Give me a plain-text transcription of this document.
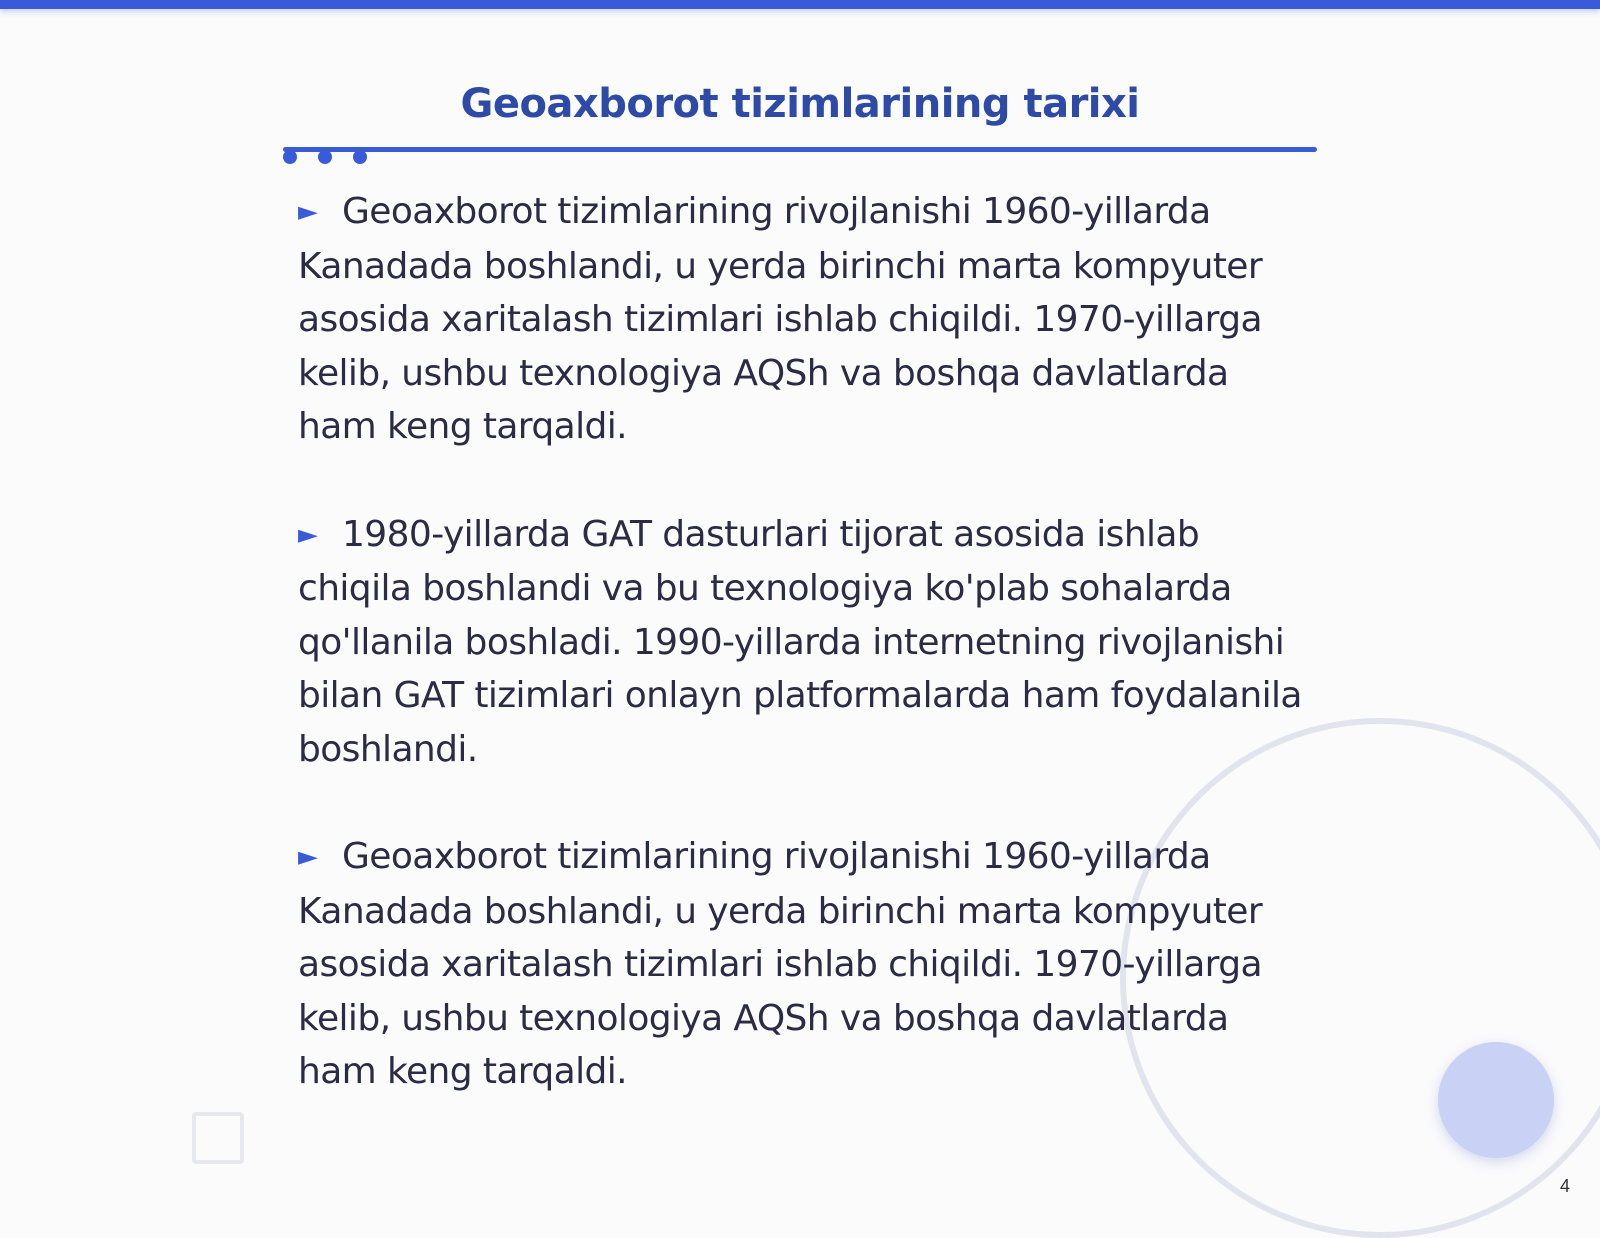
Geoaxborot tizimlarining tarixi

► Geoaxborot tizimlarining rivojlanishi 1960-yillarda Kanadada boshlandi, u yerda birinchi marta kompyuter asosida xaritalash tizimlari ishlab chiqildi. 1970-yillarga kelib, ushbu texnologiya AQSh va boshqa davlatlarda ham keng tarqaldi.

► 1980-yillarda GAT dasturlari tijorat asosida ishlab chiqila boshlandi va bu texnologiya ko'plab sohalarda qo'llanila boshladi. 1990-yillarda internetning rivojlanishi bilan GAT tizimlari onlayn platformalarda ham foydalanila boshlandi.

► Geoaxborot tizimlarining rivojlanishi 1960-yillarda Kanadada boshlandi, u yerda birinchi marta kompyuter asosida xaritalash tizimlari ishlab chiqildi. 1970-yillarga kelib, ushbu texnologiya AQSh va boshqa davlatlarda ham keng tarqaldi.

4
